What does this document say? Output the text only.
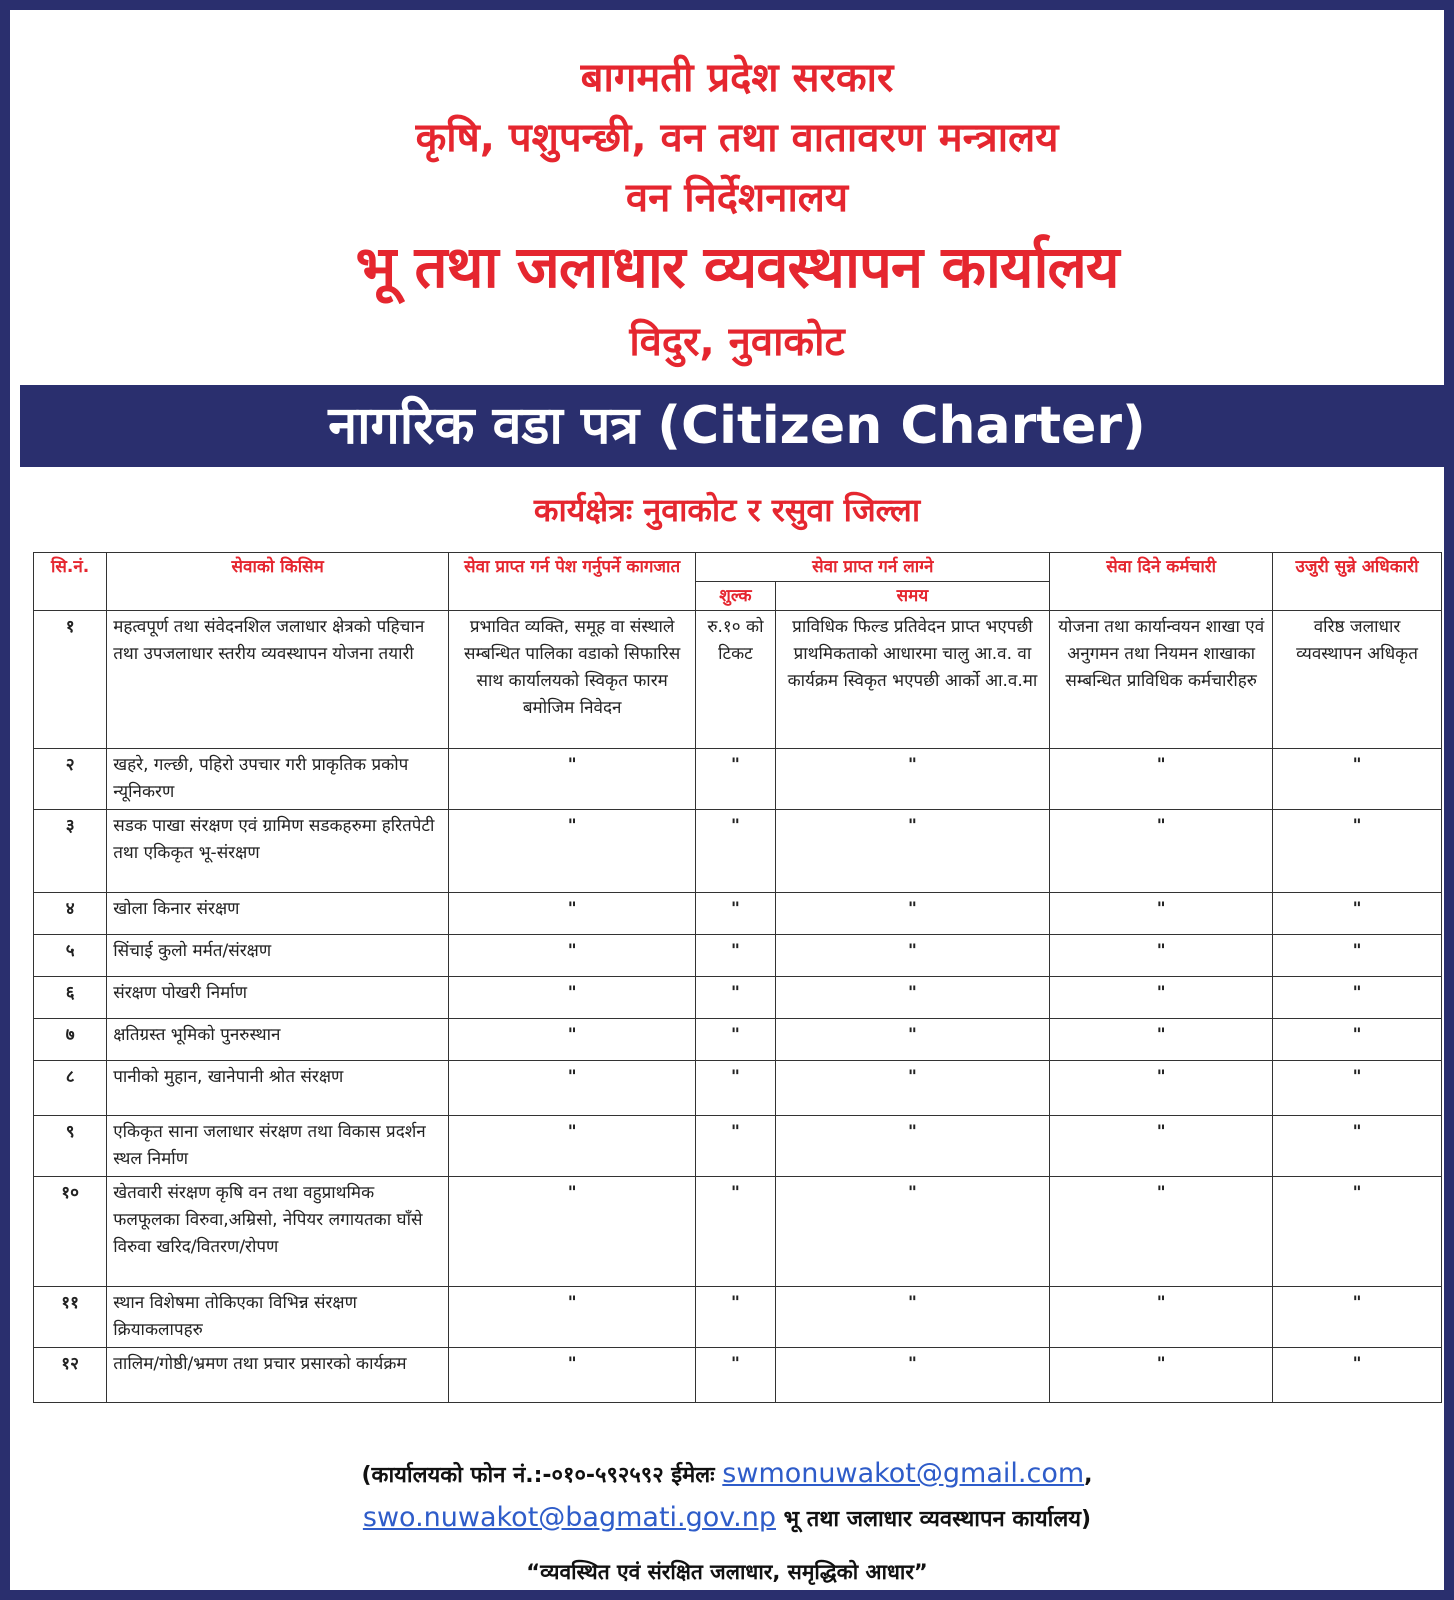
बागमती प्रदेश सरकार
कृषि, पशुपन्छी, वन तथा वातावरण मन्त्रालय
वन निर्देशनालय
भू तथा जलाधार व्यवस्थापन कार्यालय
विदुर, नुवाकोट
नागरिक वडा पत्र (Citizen Charter)
कार्यक्षेत्रः नुवाकोट र रसुवा जिल्ला
सि.नं.	सेवाको किसिम	सेवा प्राप्त गर्न पेश गर्नुपर्ने कागजात	सेवा प्राप्त गर्न लाग्ने		सेवा दिने कर्मचारी	उजुरी सुन्ने अधिकारी
			शुल्क	समय		
१	महत्वपूर्ण तथा संवेदनशिल जलाधार क्षेत्रको पहिचान तथा उपजलाधार स्तरीय व्यवस्थापन योजना तयारी	प्रभावित व्यक्ति, समूह वा संस्थाले सम्बन्धित पालिका वडाको सिफारिस साथ कार्यालयको स्विकृत फारम बमोजिम निवेदन	रु.१० को टिकट	प्राविधिक फिल्ड प्रतिवेदन प्राप्त भएपछी प्राथमिकताको आधारमा चालु आ.व. वा कार्यक्रम स्विकृत भएपछी आर्को आ.व.मा	योजना तथा कार्यान्वयन शाखा एवं अनुगमन तथा नियमन शाखाका सम्बन्धित प्राविधिक कर्मचारीहरु	वरिष्ठ जलाधार व्यवस्थापन अधिकृत
२	खहरे, गल्छी, पहिरो उपचार गरी प्राकृतिक प्रकोप न्यूनिकरण	"	"	"	"	"
३	सडक पाखा संरक्षण एवं ग्रामिण सडकहरुमा हरितपेटी तथा एकिकृत भू-संरक्षण	"	"	"	"	"
४	खोला किनार संरक्षण	"	"	"	"	"
५	सिंचाई कुलो मर्मत/संरक्षण	"	"	"	"	"
६	संरक्षण पोखरी निर्माण	"	"	"	"	"
७	क्षतिग्रस्त भूमिको पुनरुस्थान	"	"	"	"	"
८	पानीको मुहान, खानेपानी श्रोत संरक्षण	"	"	"	"	"
९	एकिकृत साना जलाधार संरक्षण तथा विकास प्रदर्शन स्थल निर्माण	"	"	"	"	"
१०	खेतवारी संरक्षण कृषि वन तथा वहुप्राथमिक फलफूलका विरुवा,अम्रिसो, नेपियर लगायतका घाँसे विरुवा खरिद/वितरण/रोपण	"	"	"	"	"
११	स्थान विशेषमा तोकिएका विभिन्न संरक्षण क्रियाकलापहरु	"	"	"	"	"
१२	तालिम/गोष्ठी/भ्रमण तथा प्रचार प्रसारको कार्यक्रम	"	"	"	"	"
(कार्यालयको फोन नं.:-०१०-५९२५९२ ईमेलः swmonuwakot@gmail.com,
swo.nuwakot@bagmati.gov.np भू तथा जलाधार व्यवस्थापन कार्यालय)
“व्यवस्थित एवं संरक्षित जलाधार, समृद्धिको आधार”
